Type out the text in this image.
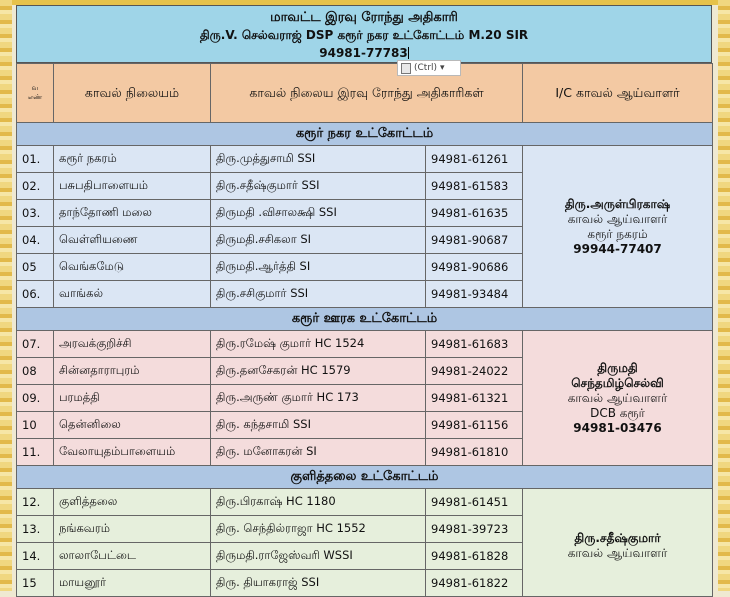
மாவட்ட இரவு ரோந்து அதிகாரி
திரு.V. செல்வராஜ் DSP கரூர் நகர உட்கோட்டம் M.20 SIR
94981-77783
வ
எண்	காவல் நிலையம்	காவல் நிலைய இரவு ரோந்து அதிகாரிகள்		I/C காவல் ஆய்வாளர்
கரூர் நகர உட்கோட்டம்				
01.	கரூர் நகரம்	திரு.முத்துசாமி SSI	94981-61261	திரு.அருள்பிரகாஷ்
காவல் ஆய்வாளர்
கரூர் நகரம்
99944-77407

02.	பசுபதிபாளையம்	திரு.சதீஷ்குமார் SSI	94981-61583	
03.	தாந்தோணி மலை	திருமதி .விசாலக்ஷி SSI	94981-61635	
04.	வெள்ளியணை	திருமதி.சசிகலா SI	94981-90687	
05	வெங்கமேடு	திருமதி.ஆர்த்தி SI	94981-90686	
06.	வாங்கல்	திரு.சசிகுமார் SSI	94981-93484	
கரூர் ஊரக உட்கோட்டம்				
07.	அரவக்குறிச்சி	திரு.ரமேஷ் குமார் HC 1524	94981-61683	திருமதி
செந்தமிழ்செல்வி
காவல் ஆய்வாளர்
DCB கரூர்
94981-03476

08	சின்னதாராபுரம்	திரு.தனசேகரன் HC 1579	94981-24022	
09.	பரமத்தி	திரு.அருண் குமார் HC 173	94981-61321	
10	தென்னிலை	திரு. கந்தசாமி SSI	94981-61156	
11.	வேலாயுதம்பாளையம்	திரு. மனோகரன் SI	94981-61810	
குளித்தலை உட்கோட்டம்				
12.	குளித்தலை	திரு.பிரகாஷ் HC 1180	94981-61451	திரு.சதீஷ்குமார்
காவல் ஆய்வாளர்

13.	நங்கவரம்	திரு. செந்தில்ராஜா HC 1552	94981-39723	
14.	லாலாபேட்டை	திருமதி.ராஜேஸ்வரி WSSI	94981-61828	
15	மாயனூர்	திரு. தியாகராஜ் SSI	94981-61822	
(Ctrl) ▾
